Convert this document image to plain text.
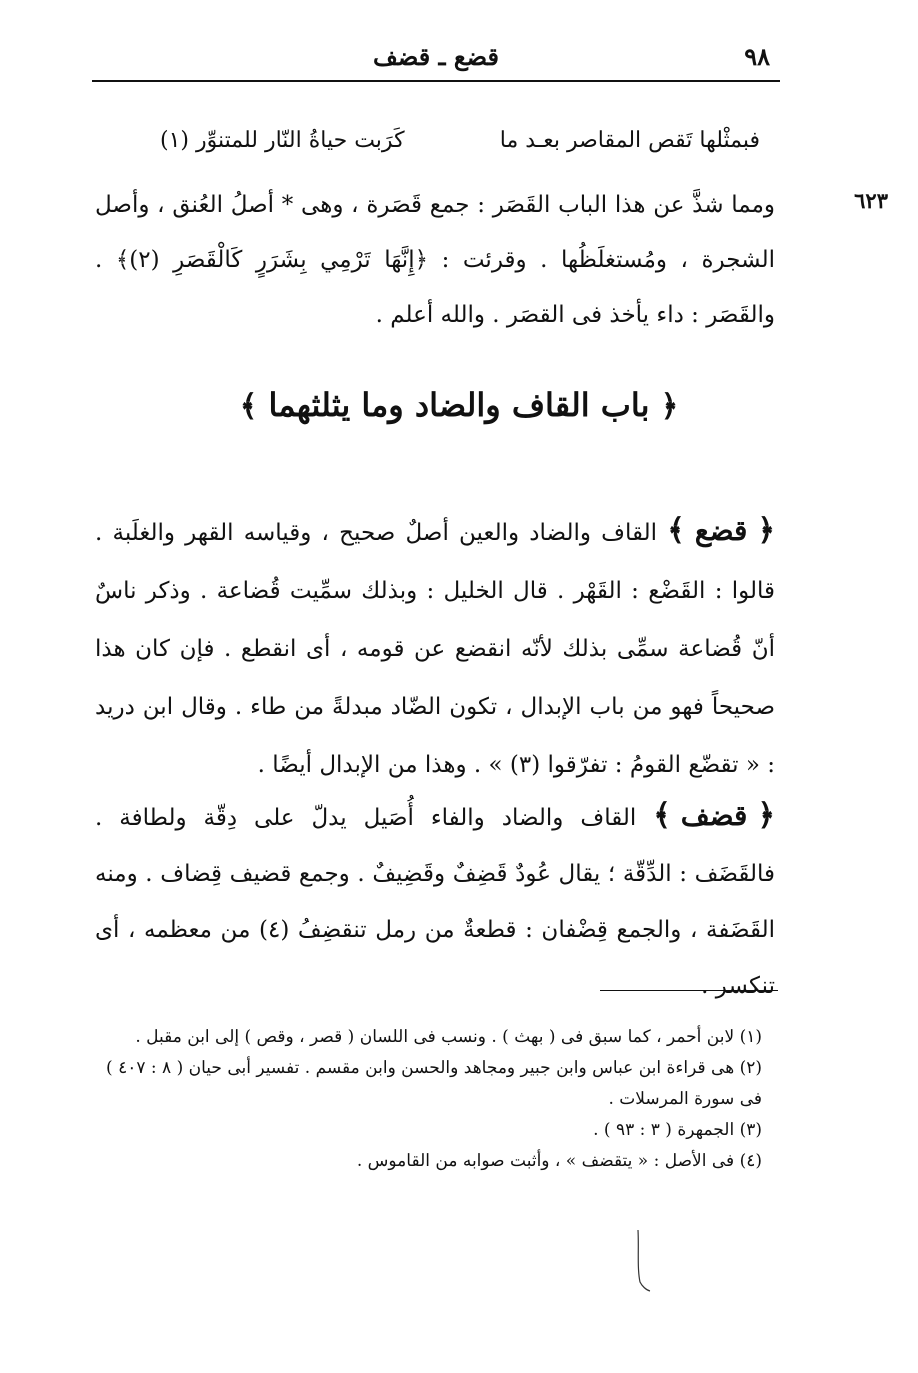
٩٨
قضع ـ قضف
فبمثْلها تَقص المقاصر بعـد ما
كَرَبت حياةُ النّار للمتنوِّر (١)
٦٢٣
ومما شذَّ عن هذا الباب القَصَر : جمع قَصَرة ، وهى * أصلُ العُنق ، وأصل الشجرة ، ومُستغلَظُها . وقرئت : ﴿إِنَّهَا تَرْمِي بِشَرَرٍ كَالْقَصَرِ (٢)﴾ . والقَصَر : داء يأخذ فى القصَر . والله أعلم .
﴿ باب القاف والضاد وما يثلثهما ﴾
﴿قضع﴾ القاف والضاد والعين أصلٌ صحيح ، وقياسه القهر والغلَبة . قالوا : القَضْع : القَهْر . قال الخليل : وبذلك سمِّيت قُضاعة . وذكر ناسٌ أنّ قُضاعة سمِّى بذلك لأنّه انقضع عن قومه ، أى انقطع . فإن كان هذا صحيحاً فهو من باب الإبدال ، تكون الضّاد مبدلةً من طاء . وقال ابن دريد : « تقضّع القومُ : تفرّقوا (٣) » . وهذا من الإبدال أيضًا .
﴿قضف﴾ القاف والضاد والفاء أُصَيل يدلّ على دِقّة ولطافة . فالقَضَف : الدِّقّة ؛ يقال عُودٌ قَضِفٌ وقَضِيفٌ . وجمع قضيف قِضاف . ومنه القَضَفة ، والجمع قِضْفان : قطعةٌ من رمل تنقضِفُ (٤) من معظمه ، أى تنكسر .
(١) لابن أحمر ، كما سبق فى ( بهث ) . ونسب فى اللسان ( قصر ، وقص ) إلى ابن مقبل .
(٢) هى قراءة ابن عباس وابن جبير ومجاهد والحسن وابن مقسم . تفسير أبى حيان ( ٨ : ٤٠٧ ) فى سورة المرسلات .
(٣) الجمهرة ( ٣ : ٩٣ ) .
(٤) فى الأصل : « يتقضف » ، وأثبت صوابه من القاموس .
